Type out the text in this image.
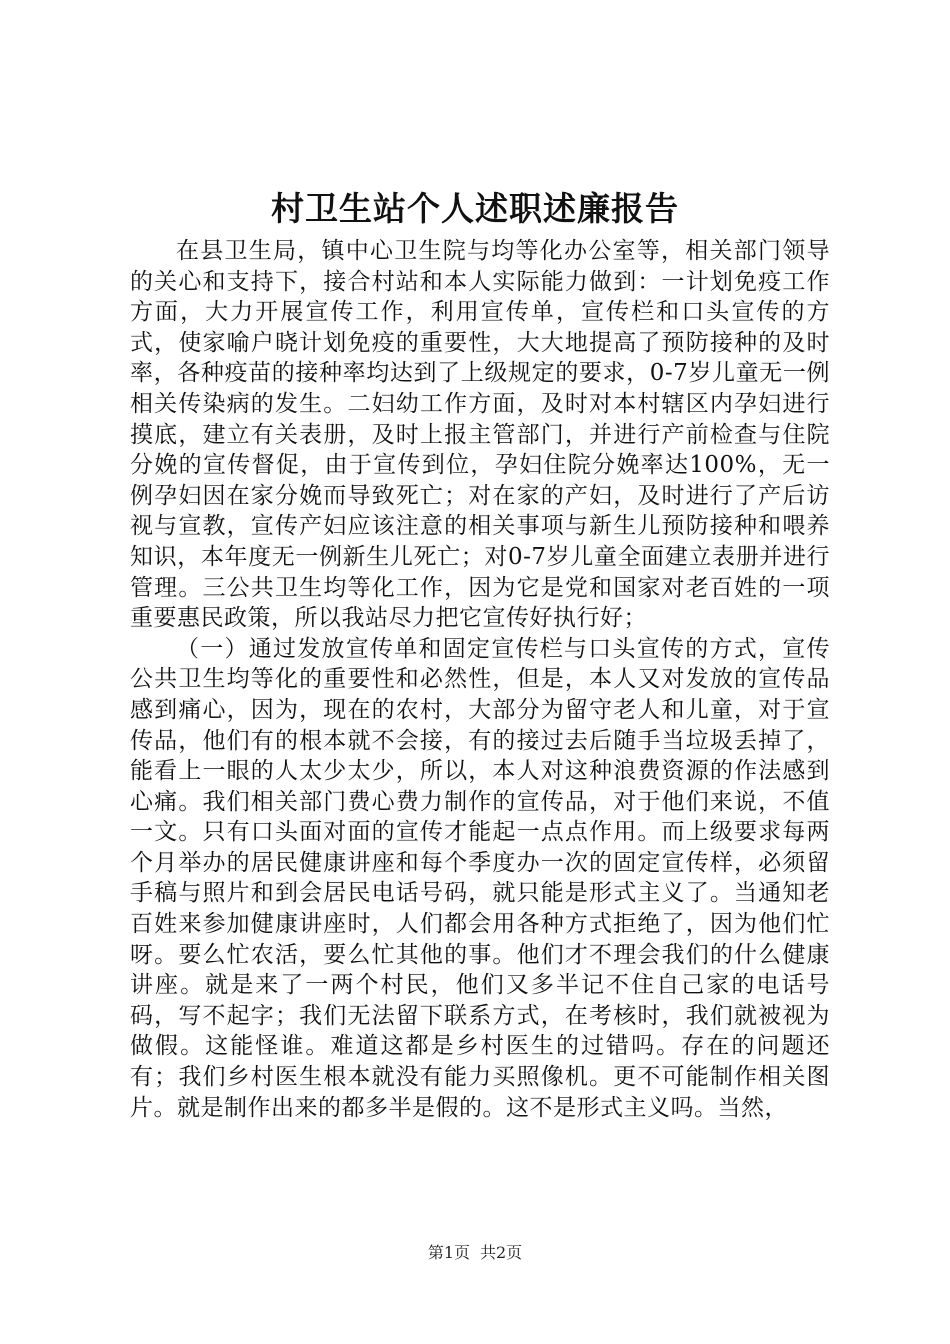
村卫生站个人述职述廉报告

在县卫生局，镇中心卫生院与均等化办公室等，相关部门领导的关心和支持下，接合村站和本人实际能力做到：一计划免疫工作方面，大力开展宣传工作，利用宣传单，宣传栏和口头宣传的方式，使家喻户晓计划免疫的重要性，大大地提高了预防接种的及时率，各种疫苗的接种率均达到了上级规定的要求，0-7岁儿童无一例相关传染病的发生。二妇幼工作方面，及时对本村辖区内孕妇进行摸底，建立有关表册，及时上报主管部门，并进行产前检查与住院分娩的宣传督促，由于宣传到位，孕妇住院分娩率达100%，无一例孕妇因在家分娩而导致死亡；对在家的产妇，及时进行了产后访视与宣教，宣传产妇应该注意的相关事项与新生儿预防接种和喂养知识，本年度无一例新生儿死亡；对0-7岁儿童全面建立表册并进行管理。三公共卫生均等化工作，因为它是党和国家对老百姓的一项重要惠民政策，所以我站尽力把它宣传好执行好；

（一）通过发放宣传单和固定宣传栏与口头宣传的方式，宣传公共卫生均等化的重要性和必然性，但是，本人又对发放的宣传品感到痛心，因为，现在的农村，大部分为留守老人和儿童，对于宣传品，他们有的根本就不会接，有的接过去后随手当垃圾丢掉了，能看上一眼的人太少太少，所以，本人对这种浪费资源的作法感到心痛。我们相关部门费心费力制作的宣传品，对于他们来说，不值一文。只有口头面对面的宣传才能起一点点作用。而上级要求每两个月举办的居民健康讲座和每个季度办一次的固定宣传样，必须留手稿与照片和到会居民电话号码，就只能是形式主义了。当通知老百姓来参加健康讲座时，人们都会用各种方式拒绝了，因为他们忙呀。要么忙农活，要么忙其他的事。他们才不理会我们的什么健康讲座。就是来了一两个村民，他们又多半记不住自己家的电话号码，写不起字；我们无法留下联系方式，在考核时，我们就被视为做假。这能怪谁。难道这都是乡村医生的过错吗。存在的问题还有；我们乡村医生根本就没有能力买照像机。更不可能制作相关图片。就是制作出来的都多半是假的。这不是形式主义吗。当然，

第1页 共2页
